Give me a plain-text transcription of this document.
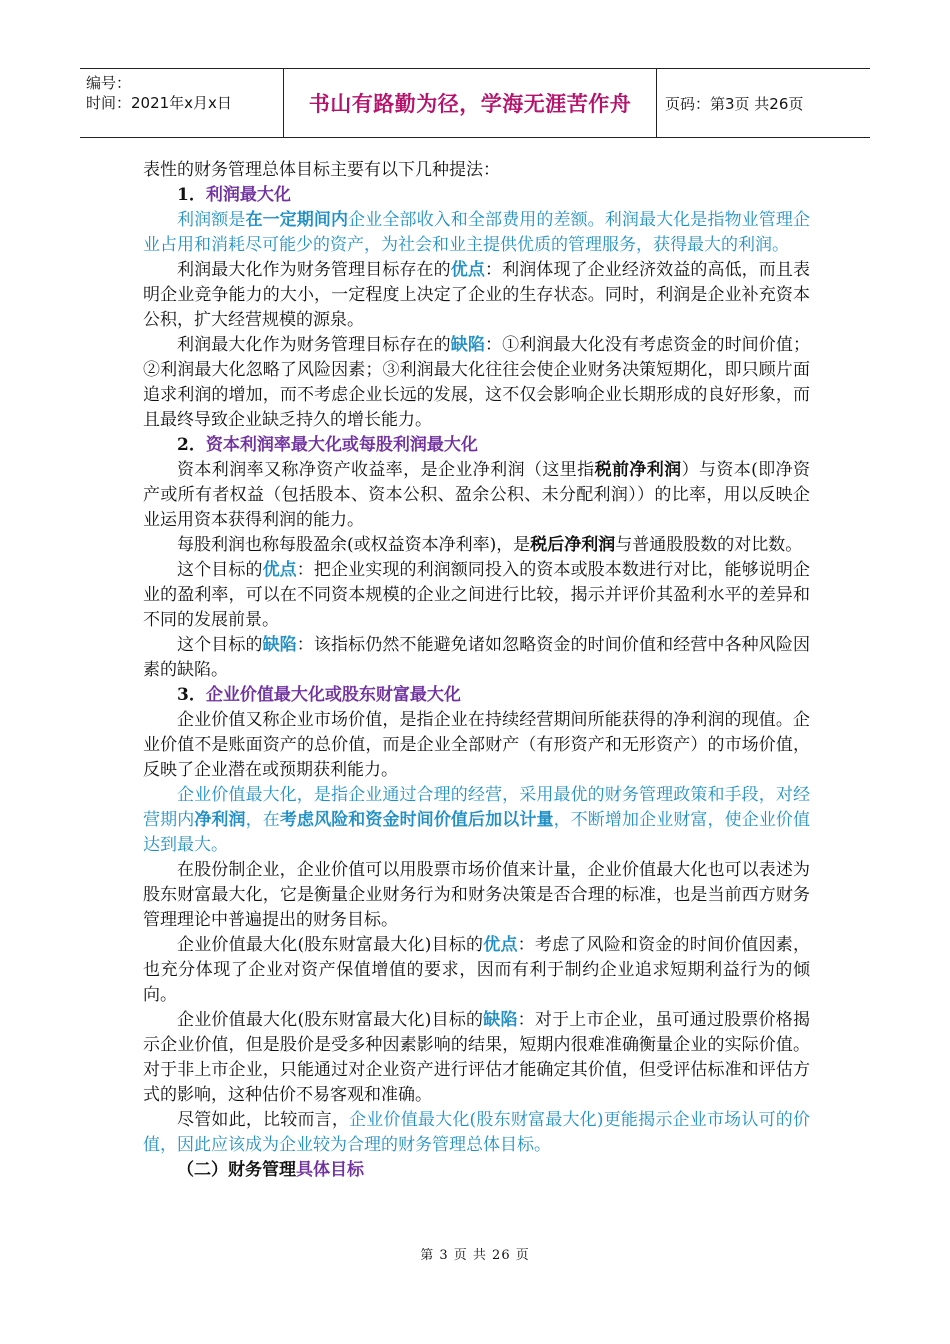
编号：
时间：2021年x月x日	书山有路勤为径，学海无涯苦作舟 页码：第3页 共26页

表性的财务管理总体目标主要有以下几种提法：

1．利润最大化

利润额是在一定期间内企业全部收入和全部费用的差额。利润最大化是指物业管理企业占用和消耗尽可能少的资产，为社会和业主提供优质的管理服务，获得最大的利润。

利润最大化作为财务管理目标存在的优点：利润体现了企业经济效益的高低，而且表明企业竞争能力的大小，一定程度上决定了企业的生存状态。同时，利润是企业补充资本公积，扩大经营规模的源泉。

利润最大化作为财务管理目标存在的缺陷：①利润最大化没有考虑资金的时间价值；②利润最大化忽略了风险因素；③利润最大化往往会使企业财务决策短期化，即只顾片面追求利润的增加，而不考虑企业长远的发展，这不仅会影响企业长期形成的良好形象，而且最终导致企业缺乏持久的增长能力。

2．资本利润率最大化或每股利润最大化

资本利润率又称净资产收益率，是企业净利润（这里指税前净利润）与资本(即净资产或所有者权益（包括股本、资本公积、盈余公积、未分配利润））的比率，用以反映企业运用资本获得利润的能力。

每股利润也称每股盈余(或权益资本净利率)，是税后净利润与普通股股数的对比数。

这个目标的优点：把企业实现的利润额同投入的资本或股本数进行对比，能够说明企业的盈利率，可以在不同资本规模的企业之间进行比较，揭示并评价其盈利水平的差异和不同的发展前景。

这个目标的缺陷：该指标仍然不能避免诸如忽略资金的时间价值和经营中各种风险因素的缺陷。

3．企业价值最大化或股东财富最大化

企业价值又称企业市场价值，是指企业在持续经营期间所能获得的净利润的现值。企业价值不是账面资产的总价值，而是企业全部财产（有形资产和无形资产）的市场价值，反映了企业潜在或预期获利能力。

企业价值最大化，是指企业通过合理的经营，采用最优的财务管理政策和手段，对经营期内净利润，在考虑风险和资金时间价值后加以计量，不断增加企业财富，使企业价值达到最大。

在股份制企业，企业价值可以用股票市场价值来计量，企业价值最大化也可以表述为股东财富最大化，它是衡量企业财务行为和财务决策是否合理的标准，也是当前西方财务管理理论中普遍提出的财务目标。

企业价值最大化(股东财富最大化)目标的优点：考虑了风险和资金的时间价值因素，也充分体现了企业对资产保值增值的要求，因而有利于制约企业追求短期利益行为的倾向。

企业价值最大化(股东财富最大化)目标的缺陷：对于上市企业，虽可通过股票价格揭示企业价值，但是股价是受多种因素影响的结果，短期内很难准确衡量企业的实际价值。对于非上市企业，只能通过对企业资产进行评估才能确定其价值，但受评估标准和评估方式的影响，这种估价不易客观和准确。

尽管如此，比较而言，企业价值最大化(股东财富最大化)更能揭示企业市场认可的价值，因此应该成为企业较为合理的财务管理总体目标。

（二）财务管理具体目标

第 3 页 共 26 页
